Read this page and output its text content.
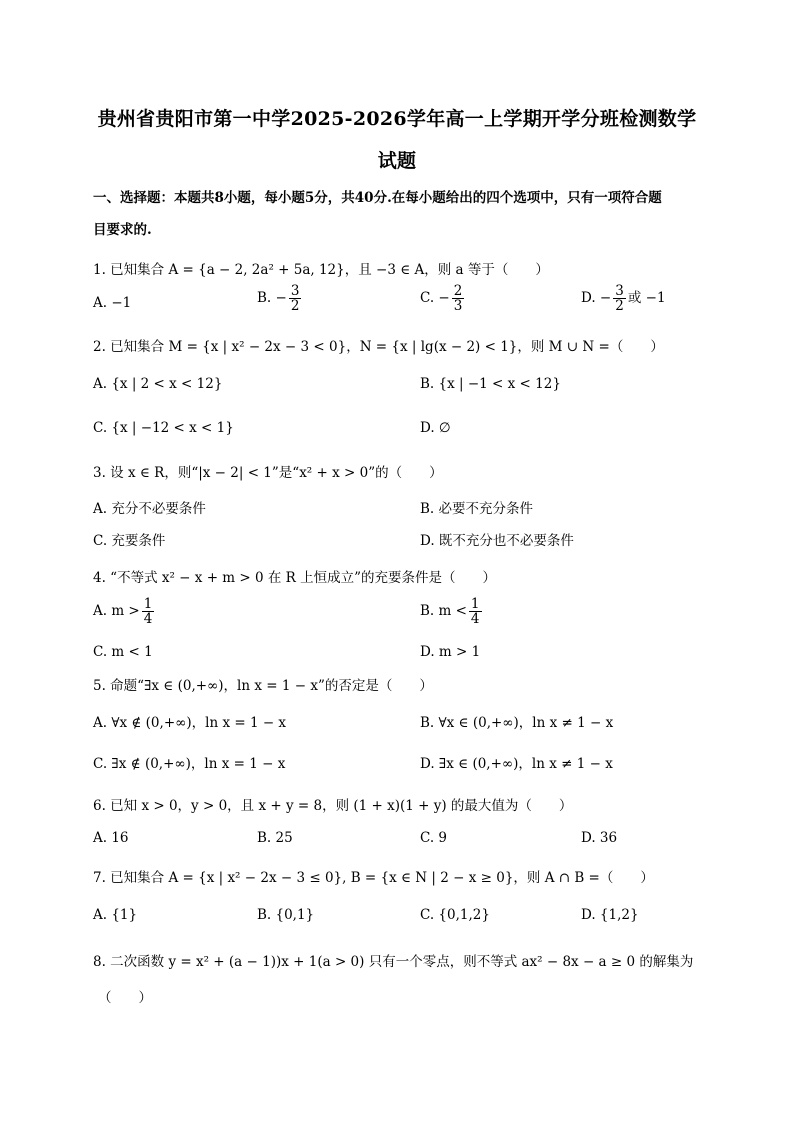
贵州省贵阳市第一中学2025-2026学年高一上学期开学分班检测数学
试题
一、选择题：本题共8小题，每小题5分，共40分.在每小题给出的四个选项中，只有一项符合题
目要求的.
1. 已知集合 A = {a − 2, 2a² + 5a, 12}，且 −3 ∈ A，则 a 等于（　　）
A. −1	B. − $\frac{3}{2}$	C. − $\frac{2}{3}$	D. − $\frac{3}{2}$ 或 −1
2. 已知集合 M = {x | x² − 2x − 3 < 0}，N = {x | lg(x − 2) < 1}，则 M ∪ N =（　　）
A. {x | 2 < x < 12}	B. {x | −1 < x < 12}
C. {x | −12 < x < 1}	D. ∅
3. 设 x ∈ R，则“|x − 2| < 1”是“x² + x > 0”的（　　）
A. 充分不必要条件	B. 必要不充分条件
C. 充要条件	D. 既不充分也不必要条件
4. “不等式 x² − x + m > 0 在 R 上恒成立”的充要条件是（　　）
A. $m > \frac{1}{4}$	B. $m < \frac{1}{4}$
C. m < 1	D. m > 1
5. 命题“∃x ∈ (0,+∞)，ln x = 1 − x”的否定是（　　）
A. ∀x ∉ (0,+∞)，ln x = 1 − x	B. ∀x ∈ (0,+∞)，ln x ≠ 1 − x
C. ∃x ∉ (0,+∞)，ln x = 1 − x	D. ∃x ∈ (0,+∞)，ln x ≠ 1 − x
6. 已知 x > 0，y > 0，且 x + y = 8，则 (1 + x)(1 + y) 的最大值为（　　）
A. 16	B. 25	C. 9	D. 36
7. 已知集合 A = {x | x² − 2x − 3 ≤ 0}, B = {x ∈ N | 2 − x ≥ 0}，则 A ∩ B =（　　）
A. {1}	B. {0,1}	C. {0,1,2}	D. {1,2}
8. 二次函数 y = x² + (a − 1))x + 1(a > 0) 只有一个零点，则不等式 ax² − 8x − a ≥ 0 的解集为
（　　）
